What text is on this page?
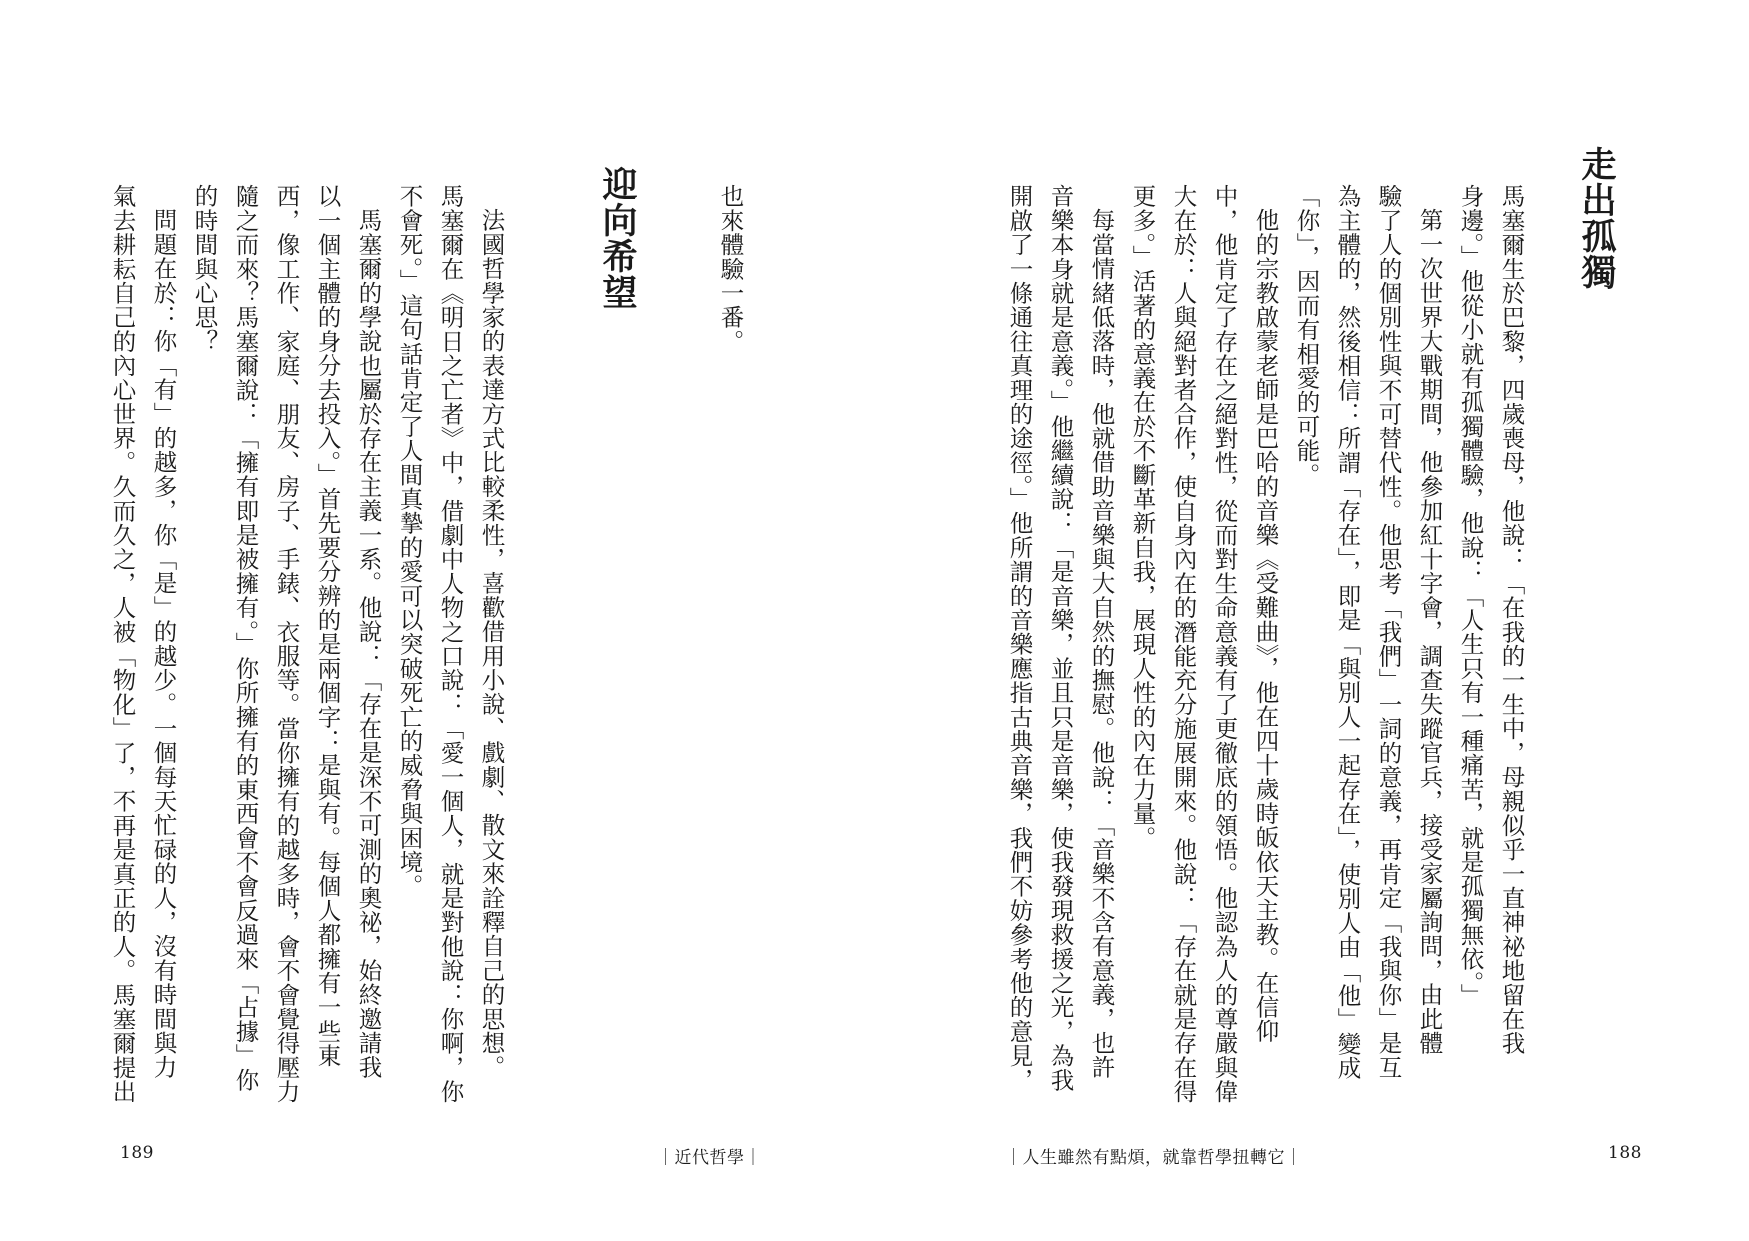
走出孤獨
馬塞爾生於巴黎，四歲喪母，他說：「在我的一生中，母親似乎一直神祕地留在我
身邊。」他從小就有孤獨體驗，他說：「人生只有一種痛苦，就是孤獨無依。」
第一次世界大戰期間，他參加紅十字會，調查失蹤官兵，接受家屬詢問，由此體
驗了人的個別性與不可替代性。他思考「我們」一詞的意義，再肯定「我與你」是互
為主體的，然後相信：所謂「存在」，即是「與別人一起存在」，使別人由「他」變成
「你」，因而有相愛的可能。
他的宗教啟蒙老師是巴哈的音樂《受難曲》，他在四十歲時皈依天主教。在信仰
中，他肯定了存在之絕對性，從而對生命意義有了更徹底的領悟。他認為人的尊嚴與偉
大在於：人與絕對者合作，使自身內在的潛能充分施展開來。他說：「存在就是存在得
更多。」活著的意義在於不斷革新自我，展現人性的內在力量。
每當情緒低落時，他就借助音樂與大自然的撫慰。他說：「音樂不含有意義，也許
音樂本身就是意義。」他繼續說：「是音樂，並且只是音樂，使我發現救援之光，為我
開啟了一條通往真理的途徑。」他所謂的音樂應指古典音樂，我們不妨參考他的意見，
｜人生雖然有點煩，就靠哲學扭轉它｜	188
也來體驗一番。
迎向希望
法國哲學家的表達方式比較柔性，喜歡借用小說、戲劇、散文來詮釋自己的思想。
馬塞爾在《明日之亡者》中，借劇中人物之口說：「愛一個人，就是對他說：你啊，你
不會死。」這句話肯定了人間真摯的愛可以突破死亡的威脅與困境。
馬塞爾的學說也屬於存在主義一系。他說：「存在是深不可測的奧祕，始終邀請我
以一個主體的身分去投入。」首先要分辨的是兩個字：是與有。每個人都擁有一些東
西，像工作、家庭、朋友、房子、手錶、衣服等。當你擁有的越多時，會不會覺得壓力
隨之而來？馬塞爾說：「擁有即是被擁有。」你所擁有的東西會不會反過來「占據」你
的時間與心思？
問題在於：你「有」的越多，你「是」的越少。一個每天忙碌的人，沒有時間與力
氣去耕耘自己的內心世界。久而久之，人被「物化」了，不再是真正的人。馬塞爾提出
189	｜近代哲學｜
